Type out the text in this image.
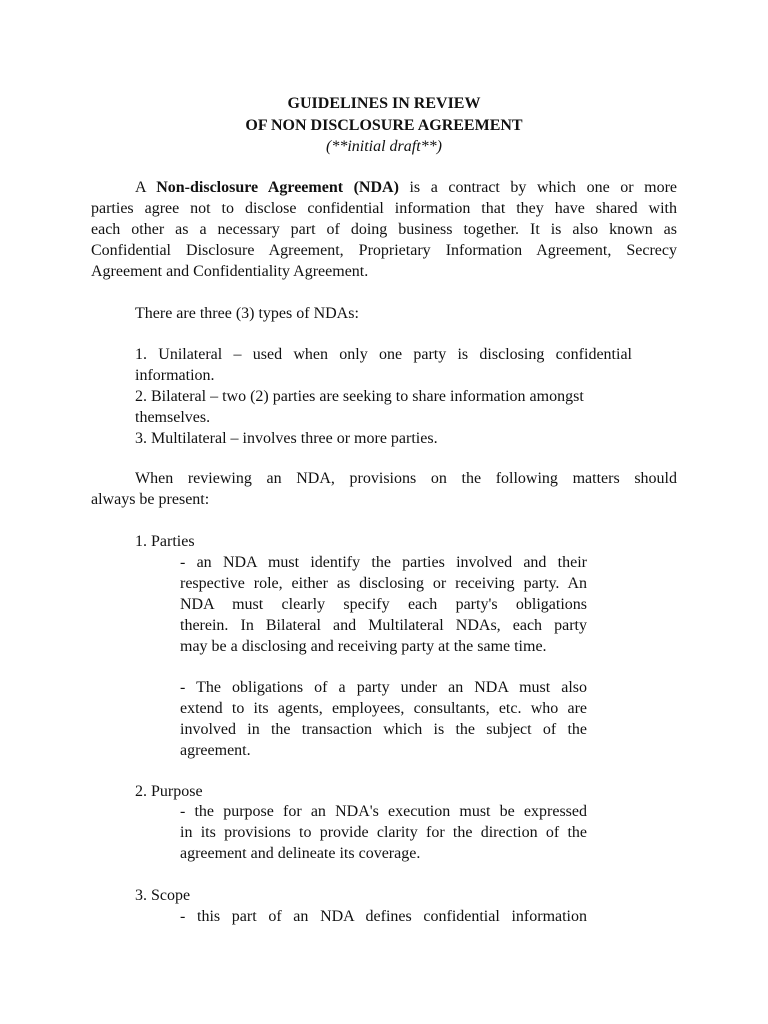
GUIDELINES IN REVIEW
OF NON DISCLOSURE AGREEMENT
(**initial draft**)
A Non-disclosure Agreement (NDA) is a contract by which one or more
parties agree not to disclose confidential information that they have shared with
each other as a necessary part of doing business together. It is also known as
Confidential Disclosure Agreement, Proprietary Information Agreement, Secrecy
Agreement and Confidentiality Agreement.
There are three (3) types of NDAs:
1. Unilateral – used when only one party is disclosing confidential
information.
2. Bilateral – two (2) parties are seeking to share information amongst
themselves.
3. Multilateral – involves three or more parties.
When reviewing an NDA, provisions on the following matters should
always be present:
1. Parties
- an NDA must identify the parties involved and their
respective role, either as disclosing or receiving party. An
NDA must clearly specify each party's obligations
therein. In Bilateral and Multilateral NDAs, each party
may be a disclosing and receiving party at the same time.
- The obligations of a party under an NDA must also
extend to its agents, employees, consultants, etc. who are
involved in the transaction which is the subject of the
agreement.
2. Purpose
- the purpose for an NDA's execution must be expressed
in its provisions to provide clarity for the direction of the
agreement and delineate its coverage.
3. Scope
- this part of an NDA defines confidential information
